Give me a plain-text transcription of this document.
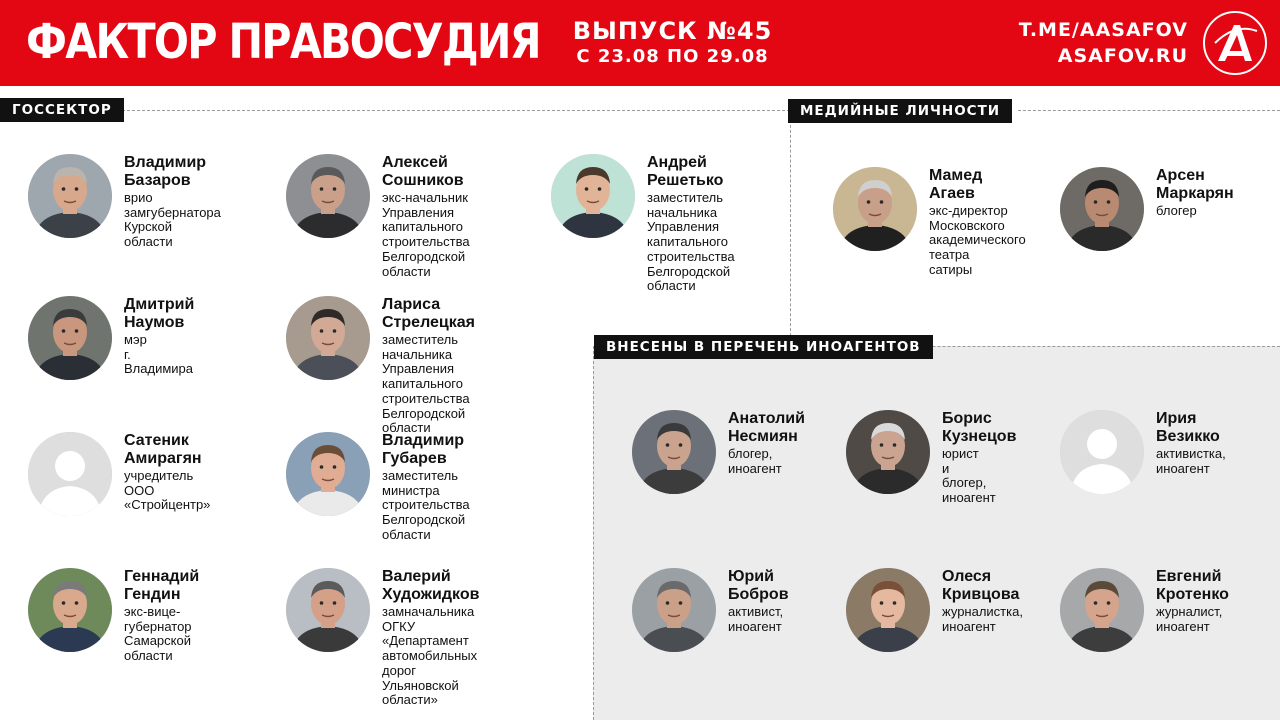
ФАКТОР ПРАВОСУДИЯ	ВЫПУСК №45
С 23.08 ПО 29.08
T.ME/AASAFOV
ASAFOV.RU
ГОССЕКТОР	МЕДИЙНЫЕ ЛИЧНОСТИ
ВНЕСЕНЫ В ПЕРЕЧЕНЬ ИНОАГЕНТОВ
Владимир
Базаров
врио
замгубернатора
Курской
области
Алексей
Сошников
экс-начальник
Управления
капитального
строительства
Белгородской
области
Андрей
Решетько
заместитель
начальника
Управления
капитального
строительства
Белгородской
области
Дмитрий
Наумов
мэр
г. Владимира
Лариса
Стрелецкая
заместитель начальника
Управления
капитального
строительства
Белгородской области
Сатеник
Амирагян
учредитель
ООО
«Стройцентр»
Владимир
Губарев
заместитель министра
строительства
Белгородской области
Геннадий
Гендин
экс-вице-
губернатор
Самарской
области
Валерий
Художидков
замначальника
ОГКУ «Департамент
автомобильных дорог
Ульяновской области»
Мамед
Агаев
экс-директор
Московского
академического
театра
сатиры
Арсен
Маркарян
блогер
Анатолий
Несмиян
блогер,
иноагент
Борис
Кузнецов
юрист
и блогер,
иноагент
Ирия
Везикко
активистка,
иноагент
Юрий
Бобров
активист,
иноагент
Олеся
Кривцова
журналистка,
иноагент
Евгений
Кротенко
журналист,
иноагент
